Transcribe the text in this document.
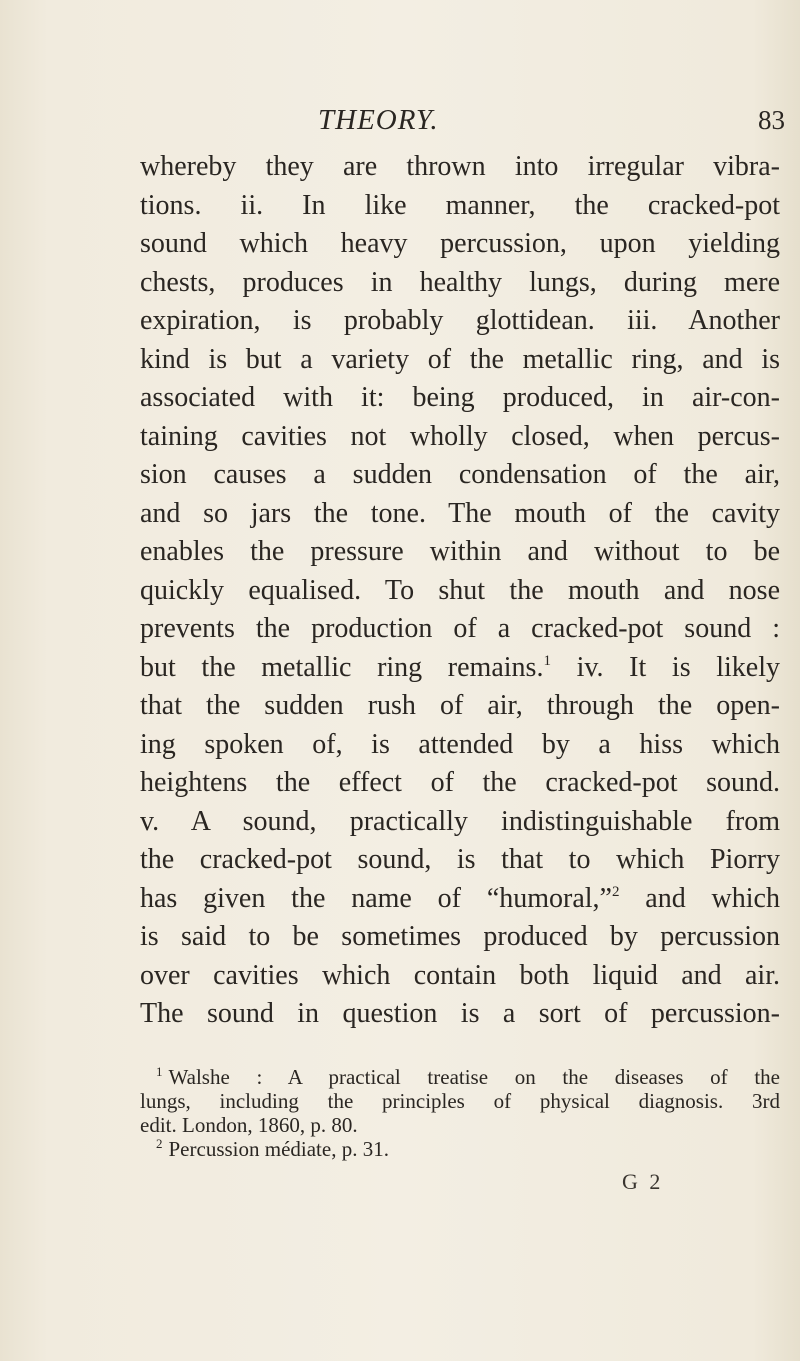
THEORY.	83
whereby they are thrown into irregular vibra-
tions. ii. In like manner, the cracked-pot
sound which heavy percussion, upon yielding
chests, produces in healthy lungs, during mere
expiration, is probably glottidean. iii. Another
kind is but a variety of the metallic ring, and is
associated with it: being produced, in air-con-
taining cavities not wholly closed, when percus-
sion causes a sudden condensation of the air,
and so jars the tone. The mouth of the cavity
enables the pressure within and without to be
quickly equalised. To shut the mouth and nose
prevents the production of a cracked-pot sound :
but the metallic ring remains.$^1$ iv. It is likely
that the sudden rush of air, through the open-
ing spoken of, is attended by a hiss which
heightens the effect of the cracked-pot sound.
v. A sound, practically indistinguishable from
the cracked-pot sound, is that to which Piorry
has given the name of “humoral,”$^2$ and which
is said to be sometimes produced by percussion
over cavities which contain both liquid and air.
The sound in question is a sort of percussion-
$^1$ Walshe : A practical treatise on the diseases of the
lungs, including the principles of physical diagnosis. 3rd
edit. London, 1860, p. 80.
$^2$ Percussion médiate, p. 31.
G 2
